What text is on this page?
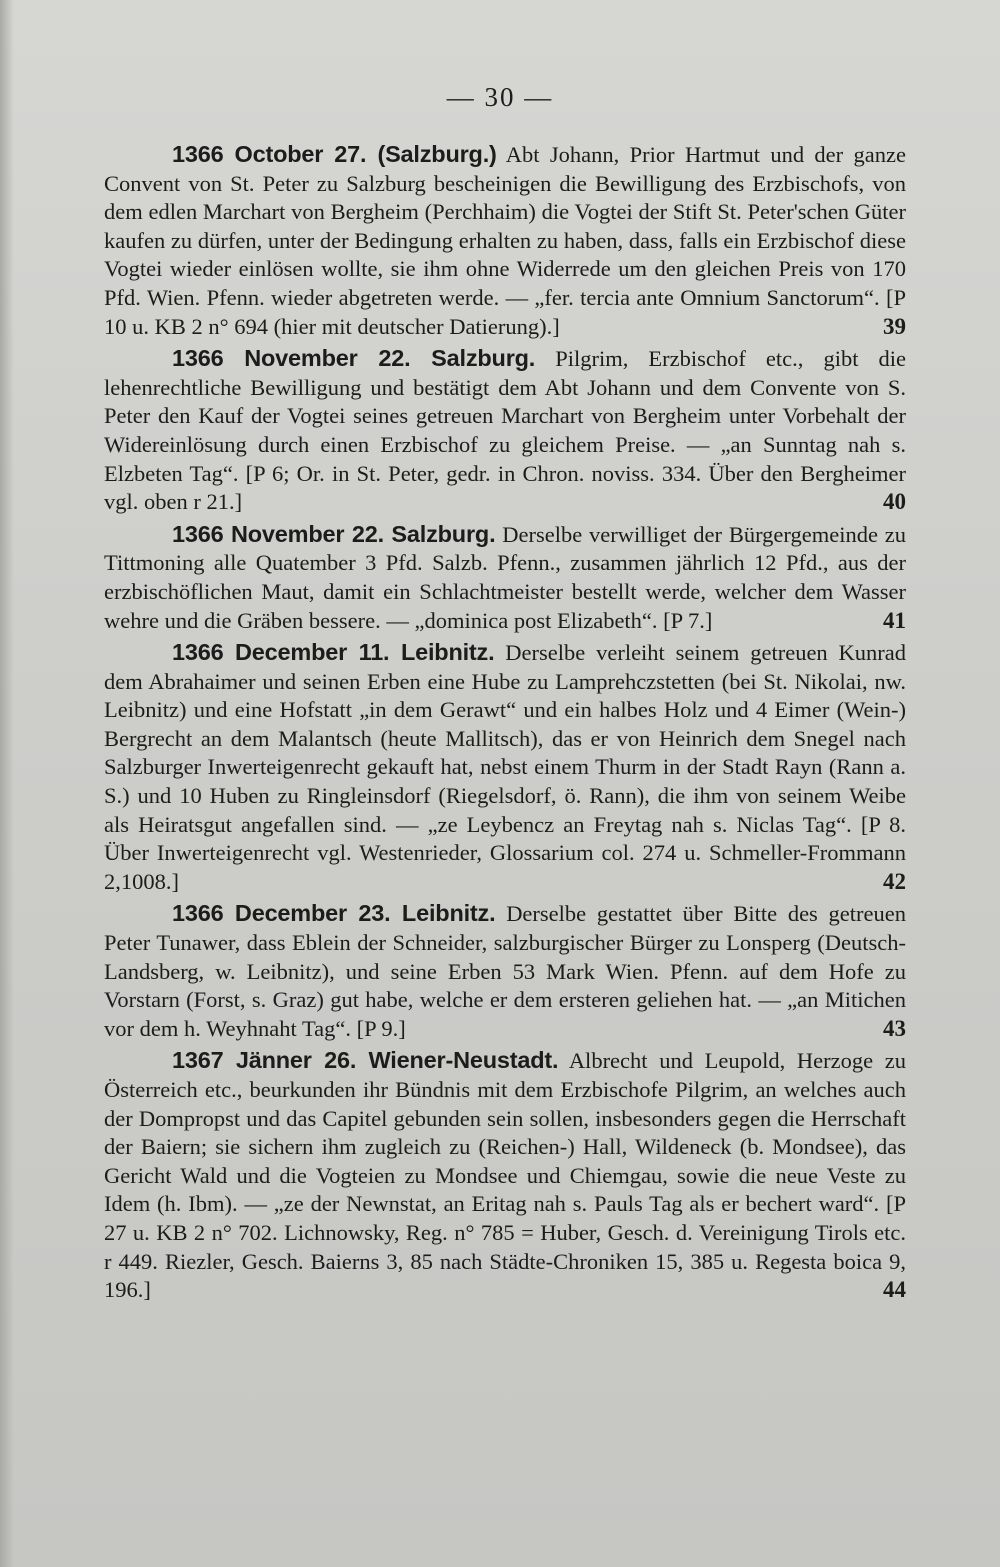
— 30 —

1366 October 27. (Salzburg.) Abt Johann, Prior Hartmut und der ganze Convent von St. Peter zu Salzburg bescheinigen die Bewilligung des Erzbischofs, von dem edlen Marchart von Bergheim (Perchhaim) die Vogtei der Stift St. Peter'schen Güter kaufen zu dürfen, unter der Bedingung erhalten zu haben, dass, falls ein Erzbischof diese Vogtei wieder einlösen wollte, sie ihm ohne Widerrede um den gleichen Preis von 170 Pfd. Wien. Pfenn. wieder abgetreten werde. — „fer. tercia ante Omnium Sanctorum“. [P 10 u. KB 2 n° 694 (hier mit deutscher Datierung).]	39

1366 November 22. Salzburg. Pilgrim, Erzbischof etc., gibt die lehenrechtliche Bewilligung und bestätigt dem Abt Johann und dem Convente von S. Peter den Kauf der Vogtei seines getreuen Marchart von Bergheim unter Vorbehalt der Widereinlösung durch einen Erzbischof zu gleichem Preise. — „an Sunntag nah s. Elzbeten Tag“. [P 6; Or. in St. Peter, gedr. in Chron. noviss. 334. Über den Bergheimer vgl. oben r 21.]	40

1366 November 22. Salzburg. Derselbe verwilliget der Bürgergemeinde zu Tittmoning alle Quatember 3 Pfd. Salzb. Pfenn., zusammen jährlich 12 Pfd., aus der erzbischöflichen Maut, damit ein Schlachtmeister bestellt werde, welcher dem Wasser wehre und die Gräben bessere. — „dominica post Elizabeth“. [P 7.]	41

1366 December 11. Leibnitz. Derselbe verleiht seinem getreuen Kunrad dem Abrahaimer und seinen Erben eine Hube zu Lamprehczstetten (bei St. Nikolai, nw. Leibnitz) und eine Hofstatt „in dem Gerawt“ und ein halbes Holz und 4 Eimer (Wein-) Bergrecht an dem Malantsch (heute Mallitsch), das er von Heinrich dem Snegel nach Salzburger Inwerteigenrecht gekauft hat, nebst einem Thurm in der Stadt Rayn (Rann a. S.) und 10 Huben zu Ringleinsdorf (Riegelsdorf, ö. Rann), die ihm von seinem Weibe als Heiratsgut angefallen sind. — „ze Leybencz an Freytag nah s. Niclas Tag“. [P 8. Über Inwerteigenrecht vgl. Westenrieder, Glossarium col. 274 u. Schmeller-Frommann 2,1008.]	42

1366 December 23. Leibnitz. Derselbe gestattet über Bitte des getreuen Peter Tunawer, dass Eblein der Schneider, salzburgischer Bürger zu Lonsperg (Deutsch-Landsberg, w. Leibnitz), und seine Erben 53 Mark Wien. Pfenn. auf dem Hofe zu Vorstarn (Forst, s. Graz) gut habe, welche er dem ersteren geliehen hat. — „an Mitichen vor dem h. Weyhnaht Tag“. [P 9.]	43

1367 Jänner 26. Wiener-Neustadt. Albrecht und Leupold, Herzoge zu Österreich etc., beurkunden ihr Bündnis mit dem Erzbischofe Pilgrim, an welches auch der Dompropst und das Capitel gebunden sein sollen, insbesonders gegen die Herrschaft der Baiern; sie sichern ihm zugleich zu (Reichen-) Hall, Wildeneck (b. Mondsee), das Gericht Wald und die Vogteien zu Mondsee und Chiemgau, sowie die neue Veste zu Idem (h. Ibm). — „ze der Newnstat, an Eritag nah s. Pauls Tag als er bechert ward“. [P 27 u. KB 2 n° 702. Lichnowsky, Reg. n° 785 = Huber, Gesch. d. Vereinigung Tirols etc. r 449. Riezler, Gesch. Baierns 3, 85 nach Städte-Chroniken 15, 385 u. Regesta boica 9, 196.]	44
